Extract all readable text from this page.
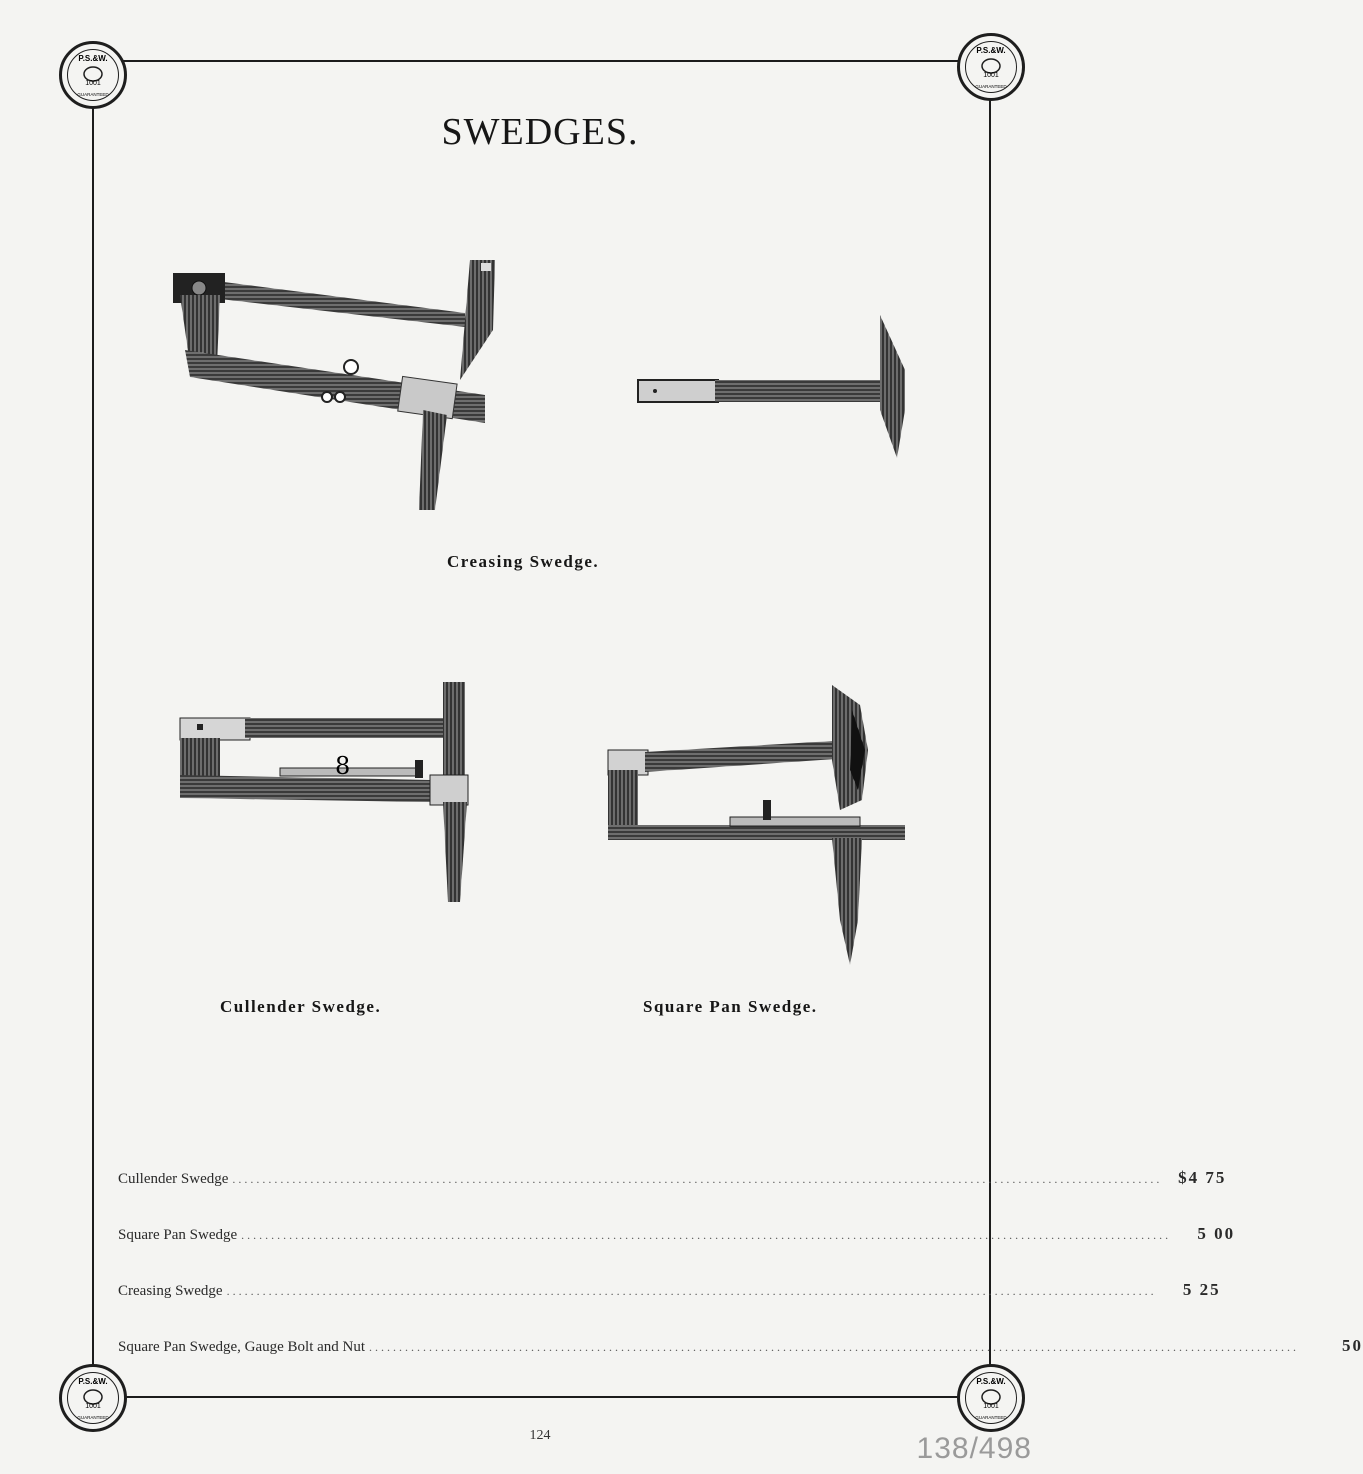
P.S.&W.
1001
GUARANTEED
P.S.&W.
1001
GUARANTEED
P.S.&W.
1001
GUARANTEED
P.S.&W.
1001
GUARANTEED
SWEDGES.
Creasing Swedge.
8
Cullender Swedge.	Square Pan Swedge.
Cullender Swedge ........................................................................................................................................................... $4 75
Square Pan Swedge ...........................................................................................................................................................	5 00
Creasing Swedge ...........................................................................................................................................................	5 25
Square Pan Swedge, Gauge Bolt and Nut ...........................................................................................................................................................	50
124	138/498
